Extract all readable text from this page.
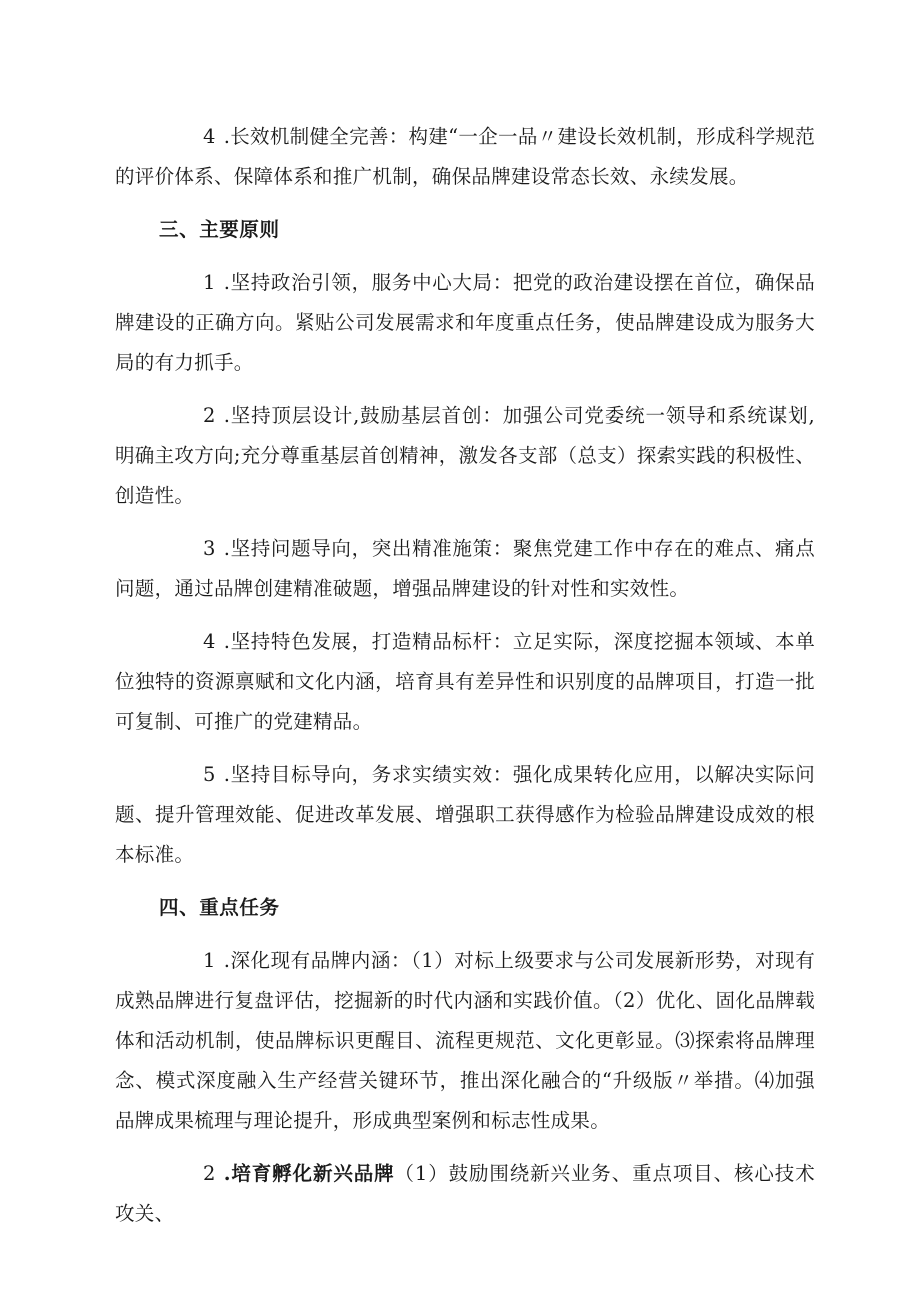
4 .长效机制健全完善：构建“一企一品〃建设长效机制，形成科学规范的评价体系、保障体系和推广机制，确保品牌建设常态长效、永续发展。

三、主要原则

1 .坚持政治引领，服务中心大局：把党的政治建设摆在首位，确保品牌建设的正确方向。紧贴公司发展需求和年度重点任务，使品牌建设成为服务大局的有力抓手。

2 .坚持顶层设计,鼓励基层首创：加强公司党委统一领导和系统谋划,明确主攻方向;充分尊重基层首创精神，激发各支部（总支）探索实践的积极性、创造性。

3 .坚持问题导向，突出精准施策：聚焦党建工作中存在的难点、痛点问题，通过品牌创建精准破题，增强品牌建设的针对性和实效性。

4 .坚持特色发展，打造精品标杆：立足实际，深度挖掘本领域、本单位独特的资源禀赋和文化内涵，培育具有差异性和识别度的品牌项目，打造一批可复制、可推广的党建精品。

5 .坚持目标导向，务求实绩实效：强化成果转化应用，以解决实际问题、提升管理效能、促进改革发展、增强职工获得感作为检验品牌建设成效的根本标准。

四、重点任务

1 .深化现有品牌内涵：（1）对标上级要求与公司发展新形势，对现有成熟品牌进行复盘评估，挖掘新的时代内涵和实践价值。（2）优化、固化品牌载体和活动机制，使品牌标识更醒目、流程更规范、文化更彰显。⑶探索将品牌理念、模式深度融入生产经营关键环节，推出深化融合的“升级版〃举措。⑷加强品牌成果梳理与理论提升，形成典型案例和标志性成果。

2 .培育孵化新兴品牌（1）鼓励围绕新兴业务、重点项目、核心技术攻关、
